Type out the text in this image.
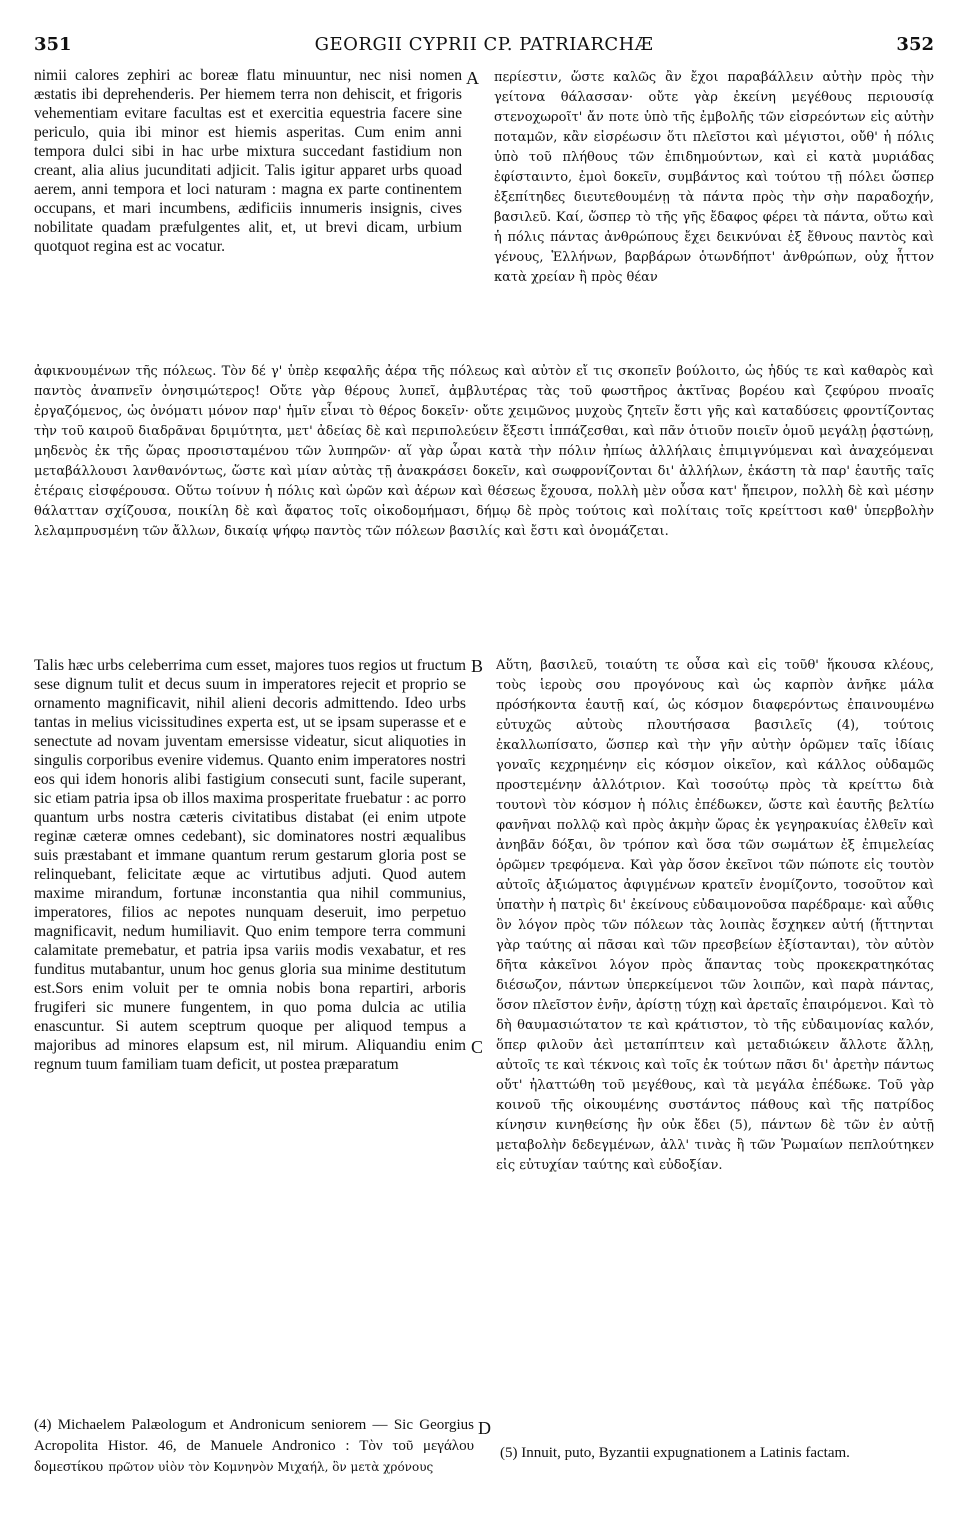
351	GEORGII CYPRII CP. PATRIARCHÆ	352
nimii calores zephiri ac boreæ flatu minuuntur, nec nisi nomen æstatis ibi deprehenderis. Per hiemem terra non dehiscit, et frigoris vehementiam evitare facultas est et exercitia equestria facere sine periculo, quia ibi minor est hiemis asperitas. Cum enim anni tempora dulci sibi in hac urbe mixtura succedant fastidium non creant, alia alius jucunditati adjicit. Talis igitur apparet urbs quoad aerem, anni tempora et loci naturam : magna ex parte continentem occupans, et mari incumbens, ædificiis innumeris insignis, cives nobilitate quadam præfulgentes alit, et, ut brevi dicam, urbium quotquot regina est ac vocatur.
A περίεστιν, ὥστε καλῶς ἂν ἔχοι παραβάλλειν αὐτὴν πρὸς τὴν γείτονα θάλασσαν· οὔτε γὰρ ἐκείνη μεγέθους περιουσίᾳ στενοχωροῖτ' ἄν ποτε ὑπὸ τῆς ἐμβολῆς τῶν εἰσρεόντων εἰς αὐτὴν ποταμῶν, κἂν εἰσρέωσιν ὅτι πλεῖστοι καὶ μέγιστοι, οὔθ' ἡ πόλις ὑπὸ τοῦ πλήθους τῶν ἐπιδημούντων, καὶ εἰ κατὰ μυριάδας ἐφίσταιντο, ἐμοὶ δοκεῖν, συμβάντος καὶ τούτου τῇ πόλει ὥσπερ ἐξεπίτηδες διευτεθουμένῃ τὰ πάντα πρὸς τὴν σὴν παραδοχήν, βασιλεῦ. Καί, ὥσπερ τὸ τῆς γῆς ἔδαφος φέρει τὰ πάντα, οὕτω καὶ ἡ πόλις πάντας ἀνθρώπους ἔχει δεικνύναι ἐξ ἔθνους παντὸς καὶ γένους, Ἑλλήνων, βαρβάρων ὁτωνδήποτ' ἀνθρώπων, οὐχ ἧττον κατὰ χρείαν ἢ πρὸς θέαν
ἀφικνουμένων τῆς πόλεως. Τὸν δέ γ' ὑπὲρ κεφαλῆς ἀέρα τῆς πόλεως καὶ αὐτὸν εἴ τις σκοπεῖν βούλοιτο, ὡς ἡδύς τε καὶ καθαρὸς καὶ παντὸς ἀναπνεῖν ὀνησιμώτερος! Οὔτε γὰρ θέρους λυπεῖ, ἀμβλυτέρας τὰς τοῦ φωστῆρος ἀκτῖνας βορέου καὶ ζεφύρου πνοαῖς ἐργαζόμενος, ὡς ὀνόματι μόνον παρ' ἡμῖν εἶναι τὸ θέρος δοκεῖν· οὔτε χειμῶνος μυχοὺς ζητεῖν ἔστι γῆς καὶ καταδύσεις φροντίζοντας τὴν τοῦ καιροῦ διαδρᾶναι δριμύτητα, μετ' ἀδείας δὲ καὶ περιπολεύειν ἔξεστι ἱππάζεσθαι, καὶ πᾶν ὁτιοῦν ποιεῖν ὁμοῦ μεγάλῃ ῥᾳστώνῃ, μηδενὸς ἐκ τῆς ὥρας προσισταμένου τῶν λυπηρῶν· αἵ γὰρ ὧραι κατὰ τὴν πόλιν ἠπίως ἀλλήλαις ἐπιμιγνύμεναι καὶ ἀναχεόμεναι μεταβάλλουσι λανθανόντως, ὥστε καὶ μίαν αὐτὰς τῇ ἀνακράσει δοκεῖν, καὶ σωφρονίζονται δι' ἀλλήλων, ἑκάστη τὰ παρ' ἑαυτῆς ταῖς ἑτέραις εἰσφέρουσα. Οὕτω τοίνυν ἡ πόλις καὶ ὡρῶν καὶ ἀέρων καὶ θέσεως ἔχουσα, πολλὴ μὲν οὖσα κατ' ἤπειρον, πολλὴ δὲ καὶ μέσην θάλατταν σχίζουσα, ποικίλη δὲ καὶ ἄφατος τοῖς οἰκοδομήμασι, δήμῳ δὲ πρὸς τούτοις καὶ πολίταις τοῖς κρείττοσι καθ' ὑπερβολὴν λελαμπρυσμένη τῶν ἄλλων, δικαίᾳ ψήφῳ παντὸς τῶν πόλεων βασιλίς καὶ ἔστι καὶ ὀνομάζεται.
Talis hæc urbs celeberrima cum esset, majores tuos regios ut fructum sese dignum tulit et decus suum in imperatores rejecit et proprio se ornamento magnificavit, nihil alieni decoris admittendo. Ideo urbs tantas in melius vicissitudines experta est, ut se ipsam superasse et e senectute ad novam juventam emersisse videatur, sicut aliquoties in singulis corporibus evenire videmus. Quanto enim imperatores nostri eos qui idem honoris alibi fastigium consecuti sunt, facile superant, sic etiam patria ipsa ob illos maxima prosperitate fruebatur : ac porro quantum urbs nostra cæteris civitatibus distabat (ei enim utpote reginæ cæteræ omnes cedebant), sic dominatores nostri æqualibus suis præstabant et immane quantum rerum gestarum gloria post se relinquebant, felicitate æque ac virtutibus adjuti. Quod autem maxime mirandum, fortunæ inconstantia qua nihil communius, imperatores, filios ac nepotes nunquam deseruit, imo perpetuo magnificavit, nedum humiliavit. Quo enim tempore terra communi calamitate premebatur, et patria ipsa variis modis vexabatur, et res funditus mutabantur, unum hoc genus gloria sua minime destitutum est.Sors enim voluit per te omnia nobis bona repartiri, arboris frugiferi sic munere fungentem, in quo poma dulcia ac utilia enascuntur. Si autem sceptrum quoque per aliquod tempus a majoribus ad minores elapsum est, nil mirum. Aliquandiu enim regnum tuum familiam tuam deficit, ut postea præparatum
B
C
Αὕτη, βασιλεῦ, τοιαύτη τε οὖσα καὶ εἰς τοῦθ' ἥκουσα κλέους, τοὺς ἱεροὺς σου προγόνους καὶ ὡς καρπὸν ἀνῆκε μάλα πρόσήκοντα ἑαυτῇ καί, ὡς κόσμον διαφερόντως ἐπαινουμένω εὐτυχῶς αὐτοὺς πλουτήσασα βασιλεῖς (4), τούτοις ἐκαλλωπίσατο, ὥσπερ καὶ τὴν γῆν αὐτὴν ὁρῶμεν ταῖς ἰδίαις γοναῖς κεχρημένην εἰς κόσμον οἰκεῖον, καὶ κάλλος οὐδαμῶς προστεμένην ἀλλότριον. Καὶ τοσούτῳ πρὸς τὰ κρείττω διὰ τουτονὶ τὸν κόσμον ἡ πόλις ἐπέδωκεν, ὥστε καὶ ἑαυτῆς βελτίω φανῆναι πολλῷ καὶ πρὸς ἀκμὴν ὥρας ἐκ γεγηρακυίας ἐλθεῖν καὶ ἀνηβᾶν δόξαι, ὃν τρόπον καὶ ὅσα τῶν σωμάτων ἐξ ἐπιμελείας ὁρῶμεν τρεφόμενα. Καὶ γὰρ ὅσον ἐκεῖνοι τῶν πώποτε εἰς τουτὸν αὐτοῖς ἀξιώματος ἀφιγμένων κρατεῖν ἐνομίζοντο, τοσοῦτον καὶ ὑπατὴν ἡ πατρὶς δι' ἐκείνους εὐδαιμονοῦσα παρέδραμε· καὶ αὖθις ὃν λόγον πρὸς τῶν πόλεων τὰς λοιπὰς ἔσχηκεν αὐτή (ἥττηνται γὰρ ταύτης αἱ πᾶσαι καὶ τῶν πρεσβείων ἐξίστανται), τὸν αὐτὸν δῆτα κἀκεῖνοι λόγον πρὸς ἅπαντας τοὺς προκεκρατηκότας διέσωζον, πάντων ὑπερκείμενοι τῶν λοιπῶν, καὶ παρὰ πάντας, ὅσον πλεῖστον ἐνῆν, ἀρίστῃ τύχῃ καὶ ἀρεταῖς ἐπαιρόμενοι. Καὶ τὸ δὴ θαυμασιώτατον τε καὶ κράτιστον, τὸ τῆς εὐδαιμονίας καλόν, ὅπερ φιλοῦν ἀεὶ μεταπίπτειν καὶ μεταδιώκειν ἄλλοτε ἄλλῃ, αὐτοῖς τε καὶ τέκνοις καὶ τοῖς ἐκ τούτων πᾶσι δι' ἀρετὴν πάντως οὔτ' ἠλαττώθη τοῦ μεγέθους, καὶ τὰ μεγάλα ἐπέδωκε. Τοῦ γὰρ κοινοῦ τῆς οἰκουμένης συστάντος πάθους καὶ τῆς πατρίδος κίνησιν κινηθείσης ἣν οὐκ ἔδει (5), πάντων δὲ τῶν ἐν αὐτῇ μεταβολὴν δεδεγμένων, ἀλλ' τινὰς ἢ τῶν Ῥωμαίων πεπλούτηκεν εἰς εὐτυχίαν ταύτης καὶ εὐδοξίαν.
(4) Michaelem Palæologum et Andronicum seniorem — Sic Georgius Acropolita Histor. 46, de Manuele Andronico : Τὸν τοῦ μεγάλου δομεστίκου πρῶτον υἱὸν τὸν Κομνηνὸν Μιχαήλ, ὃν μετὰ χρόνους
D
(5) Innuit, puto, Byzantii expugnationem a Latinis factam.
